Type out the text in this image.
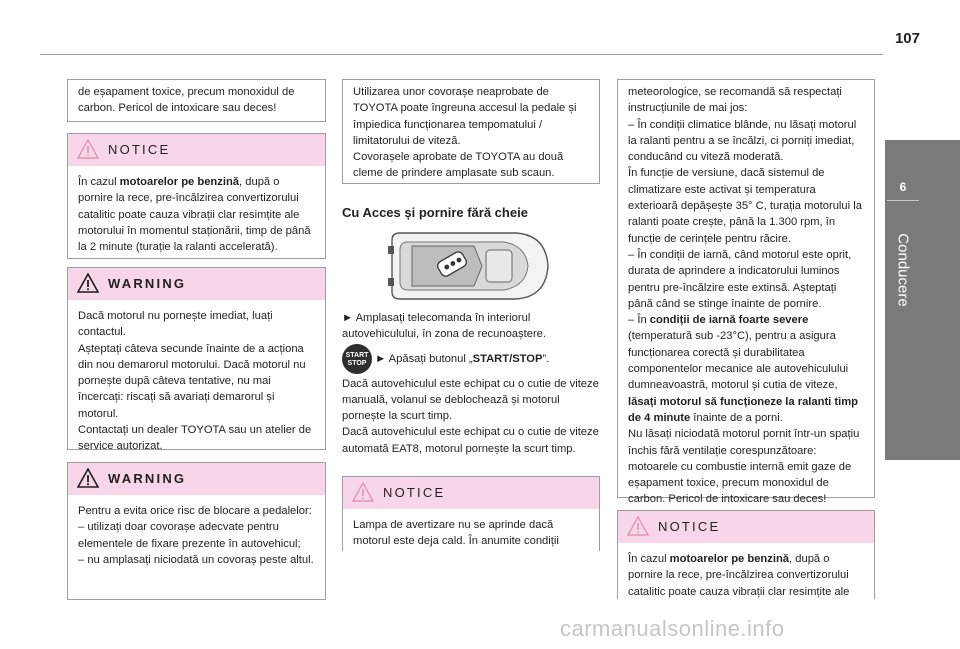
107
6
Conducere

de eșapament toxice, precum monoxidul de carbon. Pericol de intoxicare sau deces!

NOTICE

În cazul motoarelor pe benzină, după o pornire la rece, pre-încălzirea convertizorului catalitic poate cauza vibrații clar resimțite ale motorului în momentul staționării, timp de până la 2 minute (turație la ralanti accelerată).

WARNING

Dacă motorul nu pornește imediat, luați contactul.

Așteptați câteva secunde înainte de a acționa din nou demarorul motorului. Dacă motorul nu pornește după câteva tentative, nu mai încercați: riscați să avariați demarorul și motorul.

Contactați un dealer TOYOTA sau un atelier de service autorizat.

WARNING

Pentru a evita orice risc de blocare a pedalelor:

– utilizați doar covorașe adecvate pentru elementele de fixare prezente în autovehicul;

– nu amplasați niciodată un covoraș peste altul.

Utilizarea unor covorașe neaprobate de TOYOTA poate îngreuna accesul la pedale și împiedica funcționarea tempomatului / limitatorului de viteză.

Covorașele aprobate de TOYOTA au două cleme de prindere amplasate sub scaun.

Cu Acces și pornire fără cheie

► Amplasați telecomanda în interiorul autovehiculului, în zona de recunoaștere.

START
STOP ► Apăsați butonul „START/STOP”.

Dacă autovehiculul este echipat cu o cutie de viteze manuală, volanul se deblochează și motorul pornește la scurt timp.

Dacă autovehiculul este echipat cu o cutie de viteze automată EAT8, motorul pornește la scurt timp.

NOTICE

Lampa de avertizare nu se aprinde dacă motorul este deja cald. În anumite condiții

meteorologice, se recomandă să respectați instrucțiunile de mai jos:

– În condiții climatice blânde, nu lăsați motorul la ralanti pentru a se încălzi, ci porniți imediat, conducând cu viteză moderată.

În funcție de versiune, dacă sistemul de climatizare este activat și temperatura exterioară depășește 35° C, turația motorului la ralanti poate crește, până la 1.300 rpm, în funcție de cerințele pentru răcire.

– În condiții de iarnă, când motorul este oprit, durata de aprindere a indicatorului luminos pentru pre-încălzire este extinsă. Așteptați până când se stinge înainte de pornire.

– În condiții de iarnă foarte severe (temperatură sub -23°C), pentru a asigura funcționarea corectă și durabilitatea componentelor mecanice ale autovehiculului dumneavoastră, motorul și cutia de viteze, lăsați motorul să funcționeze la ralanti timp de 4 minute înainte de a porni.

Nu lăsați niciodată motorul pornit într-un spațiu închis fără ventilație corespunzătoare: motoarele cu combustie internă emit gaze de eșapament toxice, precum monoxidul de carbon. Pericol de intoxicare sau deces!

NOTICE

În cazul motoarelor pe benzină, după o pornire la rece, pre-încălzirea convertizorului catalitic poate cauza vibrații clar resimțite ale

carmanualsonline.info
